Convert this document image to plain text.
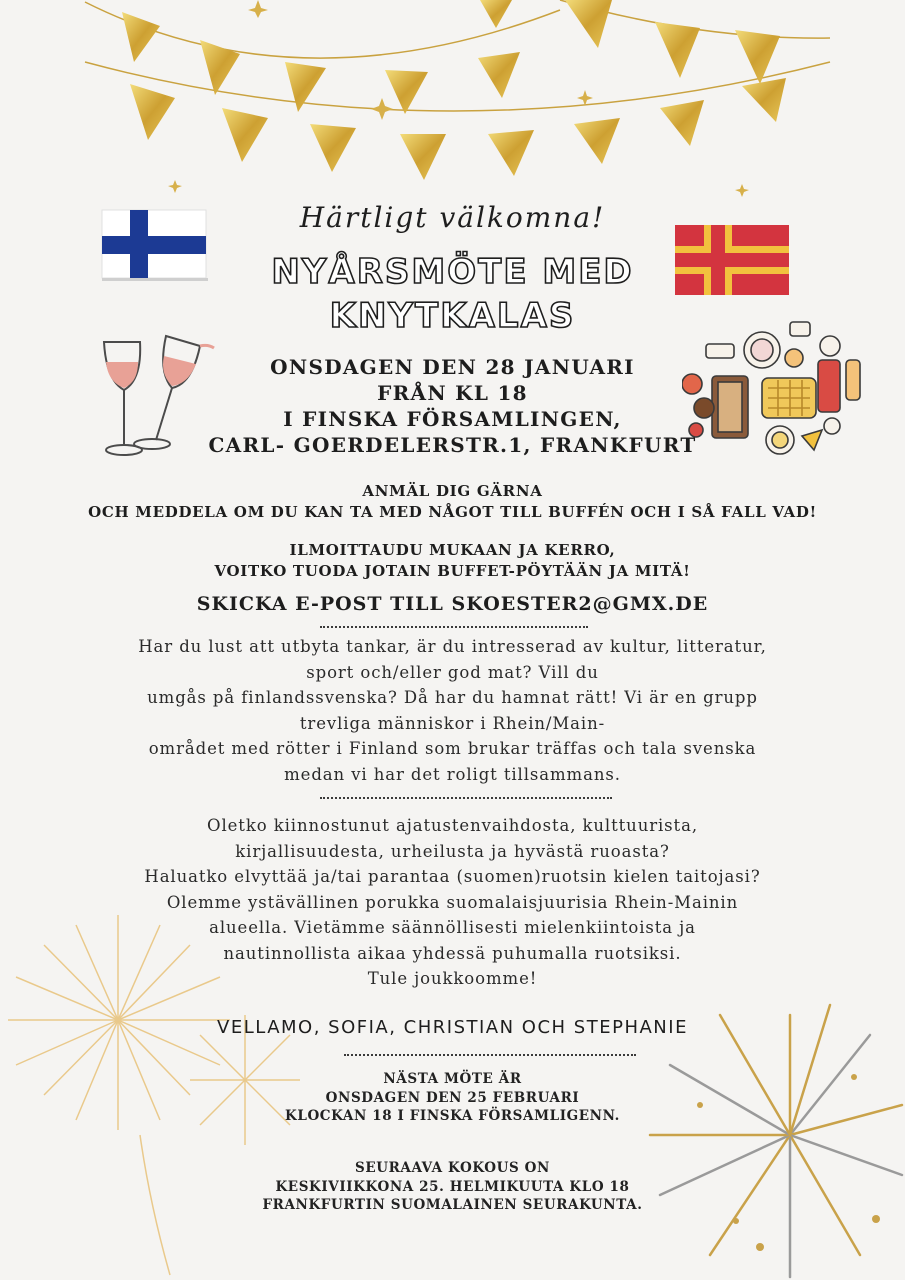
Härtligt välkomna!
NYÅRSMÖTE MED
KNYTKALAS
ONSDAGEN DEN 28 JANUARI
FRÅN KL 18
I FINSKA FÖRSAMLINGEN,
CARL- GOERDELERSTR.1, FRANKFURT
ANMÄL DIG GÄRNA
OCH MEDDELA OM DU KAN TA MED NÅGOT TILL BUFFÉN OCH I SÅ FALL VAD!
ILMOITTAUDU MUKAAN JA KERRO,
VOITKO TUODA JOTAIN BUFFET-PÖYTÄÄN JA MITÄ!
SKICKA E-POST TILL SKOESTER2@GMX.DE
Har du lust att utbyta tankar, är du intresserad av kultur, litteratur,
sport och/eller god mat? Vill du
umgås på finlandssvenska? Då har du hamnat rätt! Vi är en grupp
trevliga människor i Rhein/Main-
området med rötter i Finland som brukar träffas och tala svenska
medan vi har det roligt tillsammans.
Oletko kiinnostunut ajatustenvaihdosta, kulttuurista,
kirjallisuudesta, urheilusta ja hyvästä ruoasta?
Haluatko elvyttää ja/tai parantaa (suomen)ruotsin kielen taitojasi?
Olemme ystävällinen porukka suomalaisjuurisia Rhein-Mainin
alueella. Vietämme säännöllisesti mielenkiintoista ja
nautinnollista aikaa yhdessä puhumalla ruotsiksi.
Tule joukkoomme!
VELLAMO, SOFIA, CHRISTIAN OCH STEPHANIE
NÄSTA MÖTE ÄR
ONSDAGEN DEN 25 FEBRUARI
KLOCKAN 18 I FINSKA FÖRSAMLIGENN.
SEURAAVA KOKOUS ON
KESKIVIIKKONA 25. HELMIKUUTA KLO 18
FRANKFURTIN SUOMALAINEN SEURAKUNTA.
